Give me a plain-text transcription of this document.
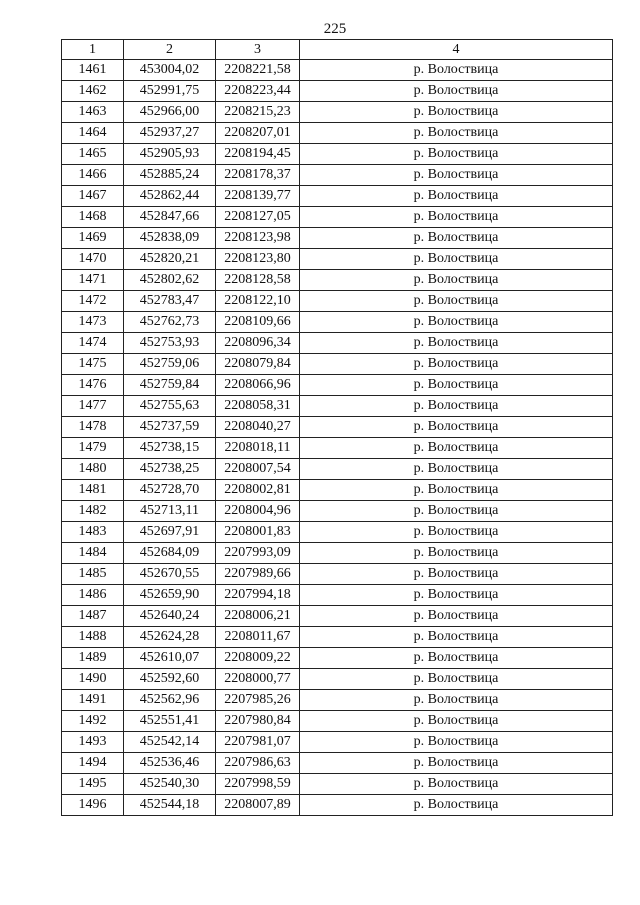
225
1	2	3	4
1461	453004,02	2208221,58	р. Волоствица
1462	452991,75	2208223,44	р. Волоствица
1463	452966,00	2208215,23	р. Волоствица
1464	452937,27	2208207,01	р. Волоствица
1465	452905,93	2208194,45	р. Волоствица
1466	452885,24	2208178,37	р. Волоствица
1467	452862,44	2208139,77	р. Волоствица
1468	452847,66	2208127,05	р. Волоствица
1469	452838,09	2208123,98	р. Волоствица
1470	452820,21	2208123,80	р. Волоствица
1471	452802,62	2208128,58	р. Волоствица
1472	452783,47	2208122,10	р. Волоствица
1473	452762,73	2208109,66	р. Волоствица
1474	452753,93	2208096,34	р. Волоствица
1475	452759,06	2208079,84	р. Волоствица
1476	452759,84	2208066,96	р. Волоствица
1477	452755,63	2208058,31	р. Волоствица
1478	452737,59	2208040,27	р. Волоствица
1479	452738,15	2208018,11	р. Волоствица
1480	452738,25	2208007,54	р. Волоствица
1481	452728,70	2208002,81	р. Волоствица
1482	452713,11	2208004,96	р. Волоствица
1483	452697,91	2208001,83	р. Волоствица
1484	452684,09	2207993,09	р. Волоствица
1485	452670,55	2207989,66	р. Волоствица
1486	452659,90	2207994,18	р. Волоствица
1487	452640,24	2208006,21	р. Волоствица
1488	452624,28	2208011,67	р. Волоствица
1489	452610,07	2208009,22	р. Волоствица
1490	452592,60	2208000,77	р. Волоствица
1491	452562,96	2207985,26	р. Волоствица
1492	452551,41	2207980,84	р. Волоствица
1493	452542,14	2207981,07	р. Волоствица
1494	452536,46	2207986,63	р. Волоствица
1495	452540,30	2207998,59	р. Волоствица
1496	452544,18	2208007,89	р. Волоствица
